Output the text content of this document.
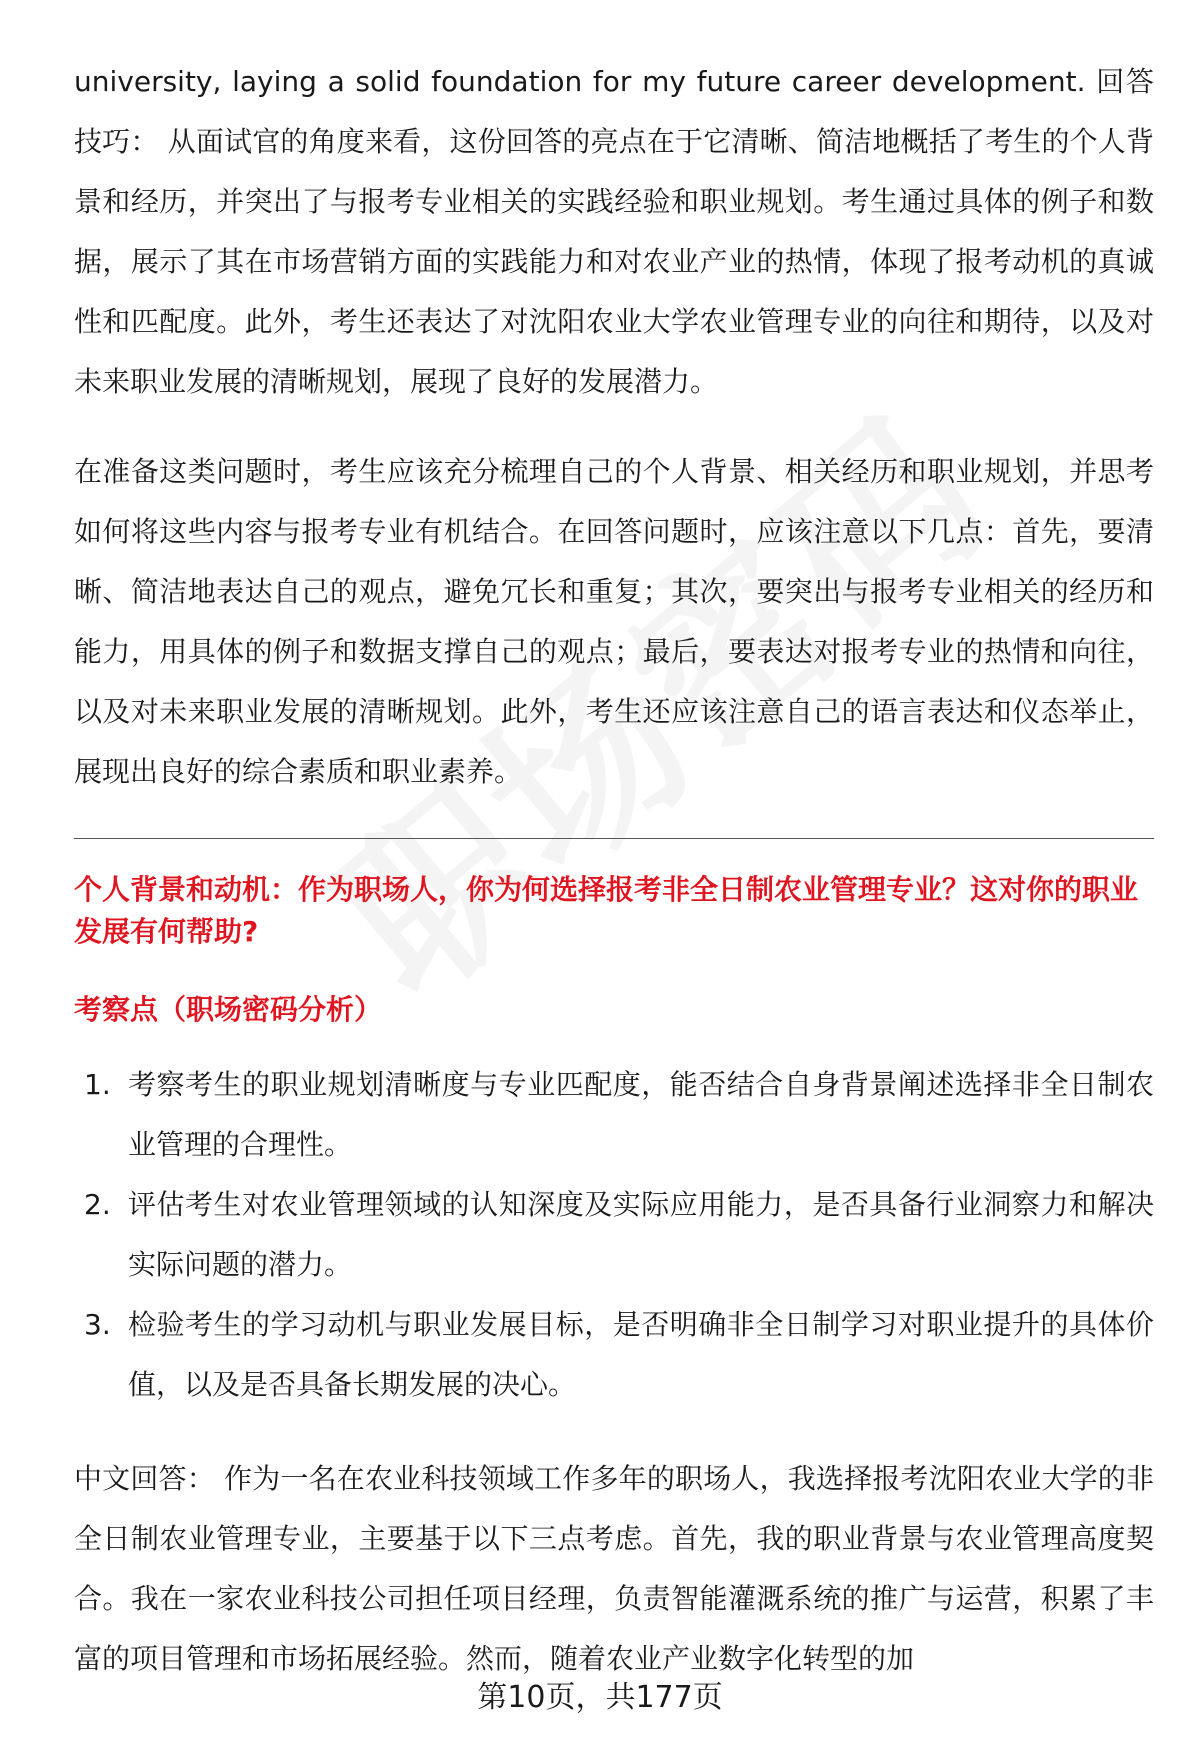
university, laying a solid foundation for my future career development. 回答技巧： 从面试官的角度来看，这份回答的亮点在于它清晰、简洁地概括了考生的个人背景和经历，并突出了与报考专业相关的实践经验和职业规划。考生通过具体的例子和数据，展示了其在市场营销方面的实践能力和对农业产业的热情，体现了报考动机的真诚性和匹配度。此外，考生还表达了对沈阳农业大学农业管理专业的向往和期待，以及对未来职业发展的清晰规划，展现了良好的发展潜力。

在准备这类问题时，考生应该充分梳理自己的个人背景、相关经历和职业规划，并思考如何将这些内容与报考专业有机结合。在回答问题时，应该注意以下几点：首先，要清晰、简洁地表达自己的观点，避免冗长和重复；其次，要突出与报考专业相关的经历和能力，用具体的例子和数据支撑自己的观点；最后，要表达对报考专业的热情和向往，以及对未来职业发展的清晰规划。此外，考生还应该注意自己的语言表达和仪态举止，展现出良好的综合素质和职业素养。

个人背景和动机：作为职场人，你为何选择报考非全日制农业管理专业？这对你的职业发展有何帮助?

考察点（职场密码分析）

1. 考察考生的职业规划清晰度与专业匹配度，能否结合自身背景阐述选择非全日制农业管理的合理性。
2. 评估考生对农业管理领域的认知深度及实际应用能力，是否具备行业洞察力和解决实际问题的潜力。
3. 检验考生的学习动机与职业发展目标，是否明确非全日制学习对职业提升的具体价值，以及是否具备长期发展的决心。

中文回答： 作为一名在农业科技领域工作多年的职场人，我选择报考沈阳农业大学的非全日制农业管理专业，主要基于以下三点考虑。首先，我的职业背景与农业管理高度契合。我在一家农业科技公司担任项目经理，负责智能灌溉系统的推广与运营，积累了丰富的项目管理和市场拓展经验。然而，随着农业产业数字化转型的加

第10页，共177页
